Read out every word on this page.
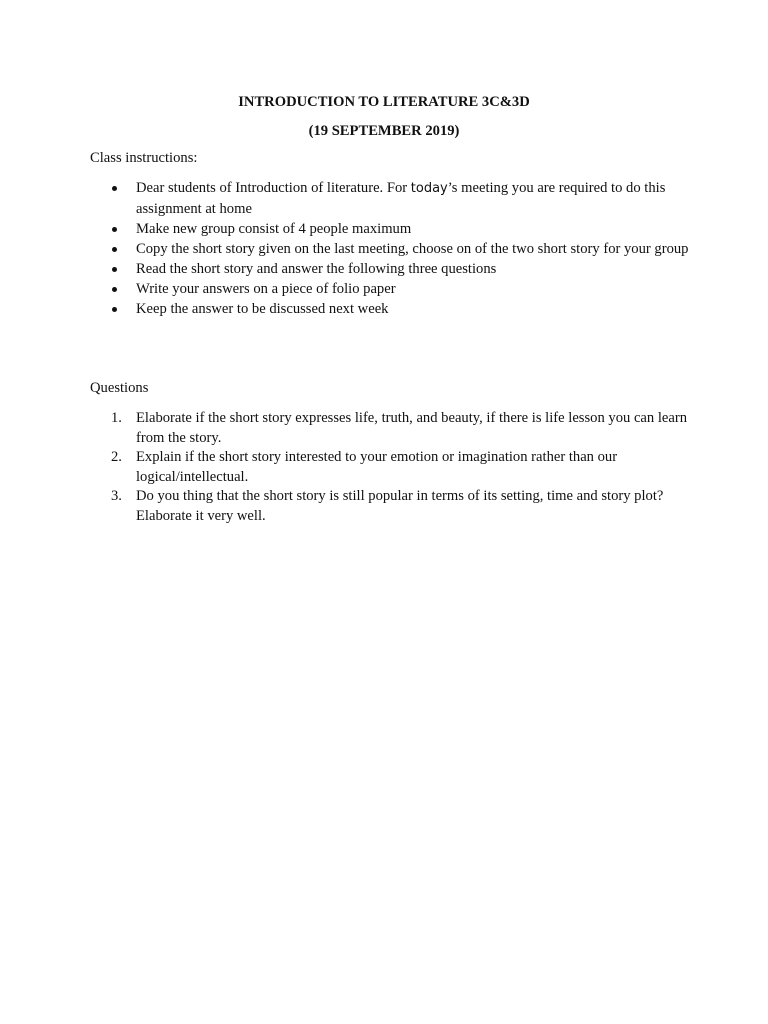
INTRODUCTION TO LITERATURE 3C&3D
(19 SEPTEMBER 2019)
Class instructions:
Dear students of Introduction of literature. For today’s meeting you are required to do this assignment at home
Make new group consist of 4 people maximum
Copy the short story given on the last meeting, choose on of the two short story for your group
Read the short story and answer the following three questions
Write your answers on a piece of folio paper
Keep the answer to be discussed next week
Questions
1. Elaborate if the short story expresses life, truth, and beauty, if there is life lesson you can learn from the story.
2. Explain if the short story interested to your emotion or imagination rather than our logical/intellectual.
3. Do you thing that the short story is still popular in terms of its setting, time and story plot? Elaborate it very well.
